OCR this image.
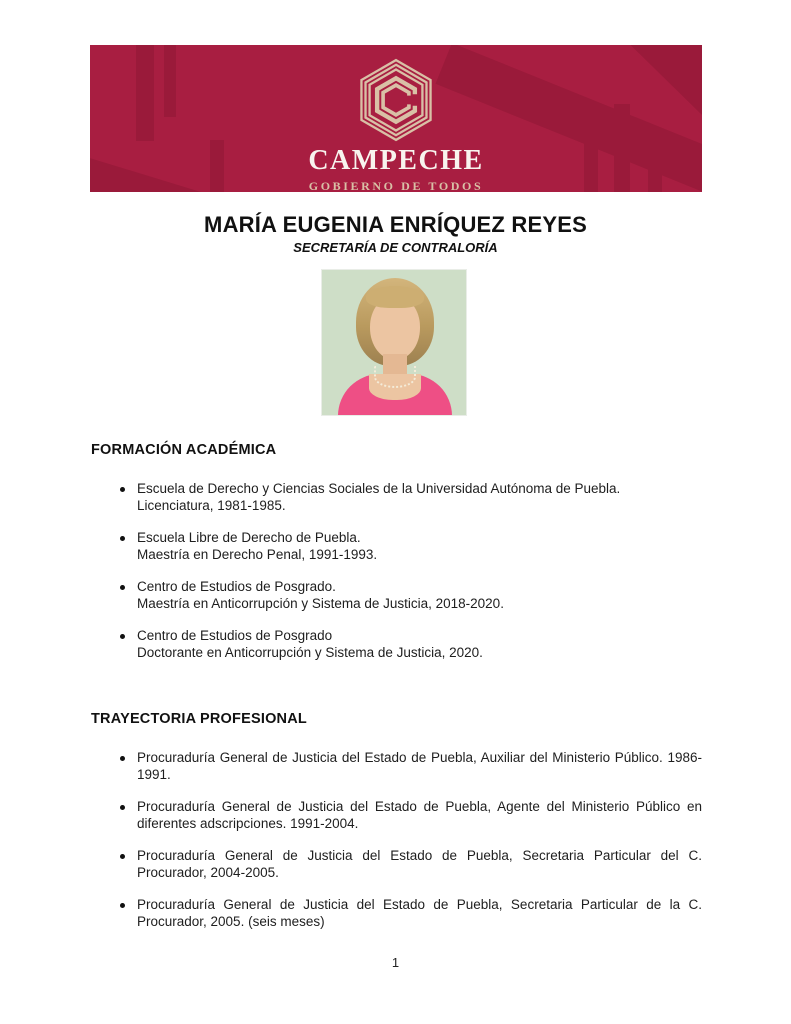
CAMPECHE
GOBIERNO DE TODOS
MARÍA EUGENIA ENRÍQUEZ REYES
SECRETARÍA DE CONTRALORÍA
FORMACIÓN ACADÉMICA

Escuela de Derecho y Ciencias Sociales de la Universidad Autónoma de Puebla.
Licenciatura, 1981-1985.

Escuela Libre de Derecho de Puebla.
Maestría en Derecho Penal, 1991-1993.

Centro de Estudios de Posgrado.
Maestría en Anticorrupción y Sistema de Justicia, 2018-2020.

Centro de Estudios de Posgrado
Doctorante en Anticorrupción y Sistema de Justicia, 2020.

TRAYECTORIA PROFESIONAL

Procuraduría General de Justicia del Estado de Puebla, Auxiliar del Ministerio Público. 1986-1991.

Procuraduría General de Justicia del Estado de Puebla, Agente del Ministerio Público en diferentes adscripciones. 1991-2004.

Procuraduría General de Justicia del Estado de Puebla, Secretaria Particular del C. Procurador, 2004-2005.

Procuraduría General de Justicia del Estado de Puebla, Secretaria Particular de la C. Procurador, 2005. (seis meses)

1
